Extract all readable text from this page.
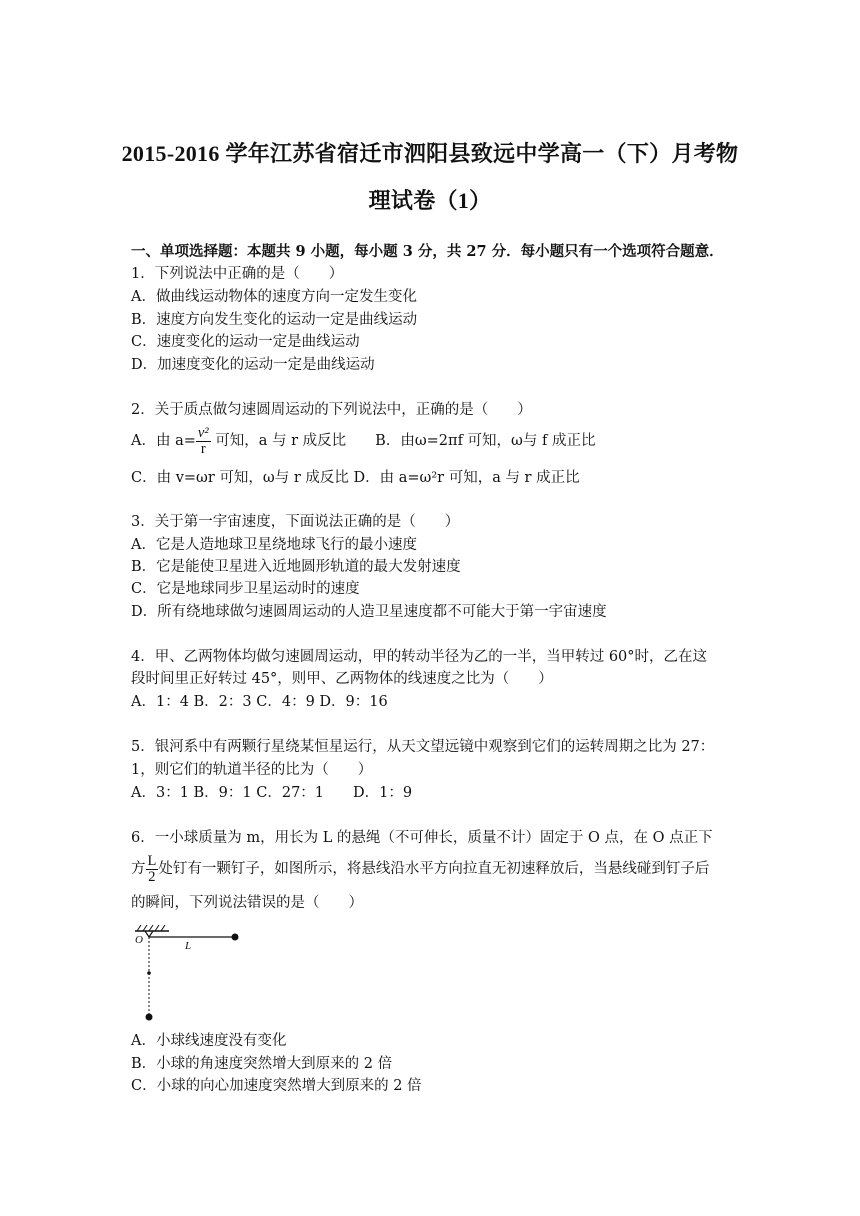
2015-2016 学年江苏省宿迁市泗阳县致远中学高一（下）月考物
理试卷（1）
一、单项选择题：本题共 9 小题，每小题 3 分，共 27 分．每小题只有一个选项符合题意．
1．下列说法中正确的是（　　）
A．做曲线运动物体的速度方向一定发生变化
B．速度方向发生变化的运动一定是曲线运动
C．速度变化的运动一定是曲线运动
D．加速度变化的运动一定是曲线运动
2．关于质点做匀速圆周运动的下列说法中，正确的是（　　）
A．由 $a= \frac{\text{v²}}{r}$ 可知，a 与 r 成反比　　B．由ω=2πf 可知，ω与 f 成正比
C．由 v=ωr 可知，ω与 r 成反比 D．由 a=ω²r 可知，a 与 r 成正比
3．关于第一宇宙速度，下面说法正确的是（　　）
A．它是人造地球卫星绕地球飞行的最小速度
B．它是能使卫星进入近地圆形轨道的最大发射速度
C．它是地球同步卫星运动时的速度
D．所有绕地球做匀速圆周运动的人造卫星速度都不可能大于第一宇宙速度
4．甲、乙两物体均做匀速圆周运动，甲的转动半径为乙的一半，当甲转过 60°时，乙在这
段时间里正好转过 45°，则甲、乙两物体的线速度之比为（　　）
A．1：4 B．2：3 C．4：9 D．9：16
5．银河系中有两颗行星绕某恒星运行，从天文望远镜中观察到它们的运转周期之比为 27：
1，则它们的轨道半径的比为（　　）
A．3：1 B．9：1 C．27：1　　D．1：9
6．一小球质量为 m，用长为 L 的悬绳（不可伸长，质量不计）固定于 O 点，在 O 点正下
方 $\frac{L}{2}$ 处钉有一颗钉子，如图所示，将悬线沿水平方向拉直无初速释放后，当悬线碰到钉子后
的瞬间，下列说法错误的是（　　）
O	L
A．小球线速度没有变化
B．小球的角速度突然增大到原来的 2 倍
C．小球的向心加速度突然增大到原来的 2 倍
